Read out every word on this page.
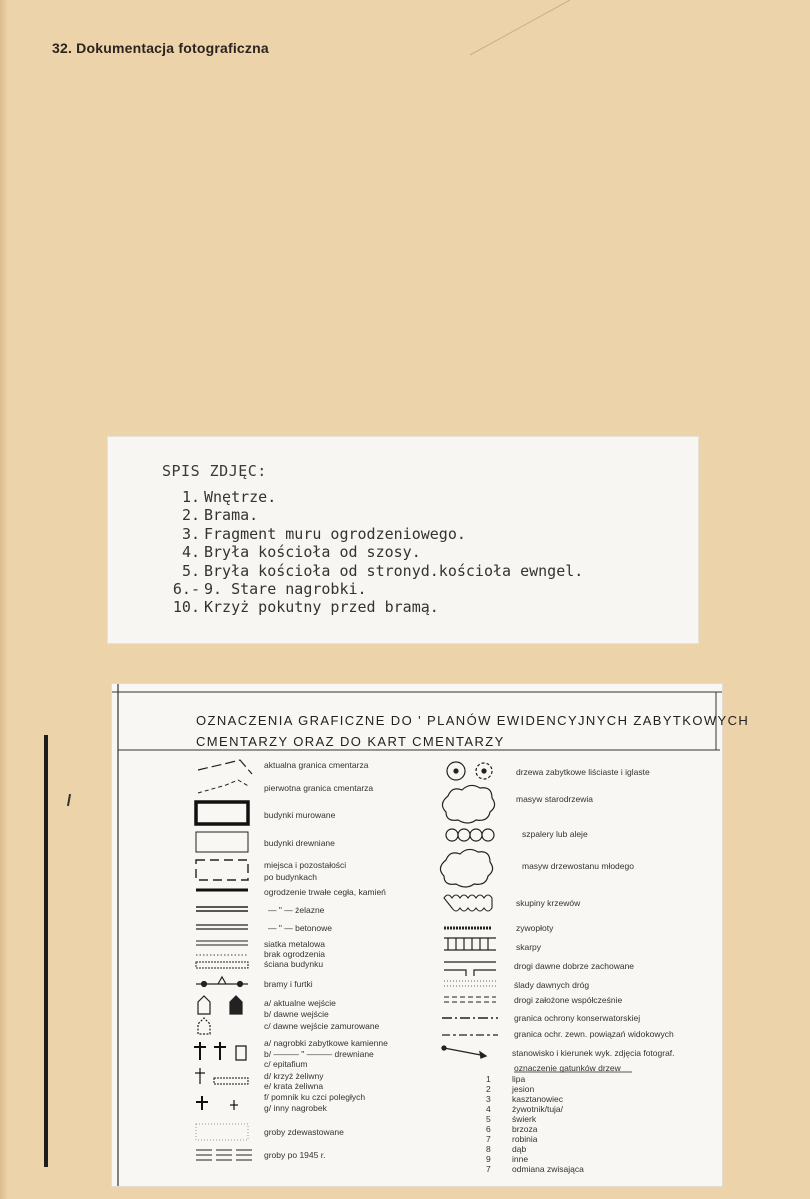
32. Dokumentacja fotograficzna
SPIS ZDJĘC:
1. Wnętrze.
2. Brama.
3. Fragment muru ogrodzeniowego.
4. Bryła kościoła od szosy.
5. Bryła kościoła od stronyd.kościoła ewngel.
6.- 9. Stare nagrobki.
10. Krzyż pokutny przed bramą.
OZNACZENIA GRAFICZNE DO ' PLANÓW EWIDENCYJNYCH ZABYTKOWYCH
CMENTARZY ORAZ DO KART CMENTARZY
aktualna granica cmentarza
pierwotna granica cmentarza
budynki murowane
budynki drewniane
miejsca i pozostałości
po budynkach
ogrodzenie trwałe cegła, kamień
— " — żelazne
— " — betonowe
siatka metalowa
brak ogrodzenia
ściana budynku
bramy i furtki
a/ aktualne wejście
b/ dawne wejście
c/ dawne wejście zamurowane
a/ nagrobki zabytkowe kamienne
b/ ——— " ——— drewniane
c/ epitafium
d/ krzyż żeliwny
e/ krata żeliwna
f/ pomnik ku czci poległych
g/ inny nagrobek
groby zdewastowane
groby po 1945 r.
drzewa zabytkowe liściaste i iglaste
masyw starodrzewia
szpalery lub aleje
masyw drzewostanu młodego
skupiny krzewów
zywopłoty
skarpy
drogi dawne dobrze zachowane
ślady dawnych dróg
drogi założone współcześnie
granica ochrony konserwatorskiej
granica ochr. zewn. powiązań widokowych
stanowisko i kierunek wyk. zdjęcia fotograf.
oznaczenie gatunków drzew
1	lipa
2	jesion
3	kasztanowiec
4	żywotnik/tuja/
5	świerk
6	brzoza
7	robinia
8	dąb
9	inne
7	odmiana zwisająca
